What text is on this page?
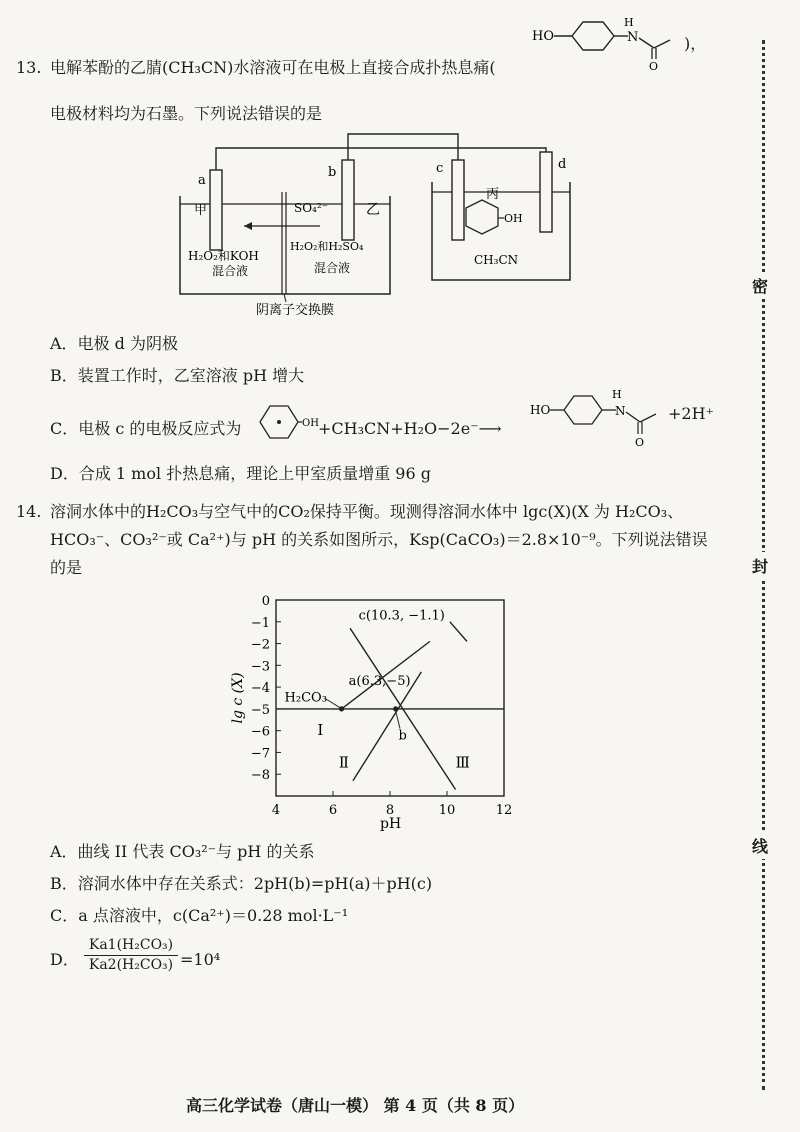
密
封
线
13. 电解苯酚的乙腈(CH₃CN)水溶液可在电极上直接合成扑热息痛(
HO
H
N
O
)，
电极材料均为石墨。下列说法错误的是
a
b	c	d
甲	乙
丙
SO₄²⁻
H₂O₂和KOH
混合液
H₂O₂和H₂SO₄
混合液
OH
CH₃CN
阴离子交换膜
A．电极 d 为阴极
B．装置工作时，乙室溶液 pH 增大
C．电极 c 的电极反应式为	OH +CH₃CN+H₂O−2e⁻⟶
HO
H
N
O
+2H⁺
D．合成 1 mol 扑热息痛，理论上甲室质量增重 96 g
14. 溶洞水体中的H₂CO₃与空气中的CO₂保持平衡。现测得溶洞水体中 lgc(X)(X 为 H₂CO₃、
HCO₃⁻、CO₃²⁻或 Ca²⁺)与 pH 的关系如图所示，Ksp(CaCO₃)＝2.8×10⁻⁹。下列说法错误
的是
0
−1
−2
−3
−4
−5
−6
−7
−8
4	6	8	10	12
pH
lg c (X)
c(10.3, −1.1)
a(6.3,−5)
H₂CO₃
b
Ⅰ
Ⅱ	Ⅲ
A．曲线 II 代表 CO₃²⁻与 pH 的关系
B．溶洞水体中存在关系式：2pH(b)=pH(a)＋pH(c)
C．a 点溶液中，c(Ca²⁺)＝0.28 mol·L⁻¹
D． $\frac{\text{Ka1(H₂CO₃)}}{\text{Ka2(H₂CO₃)}} =10^4$
高三化学试卷（唐山一模） 第 4 页（共 8 页）
